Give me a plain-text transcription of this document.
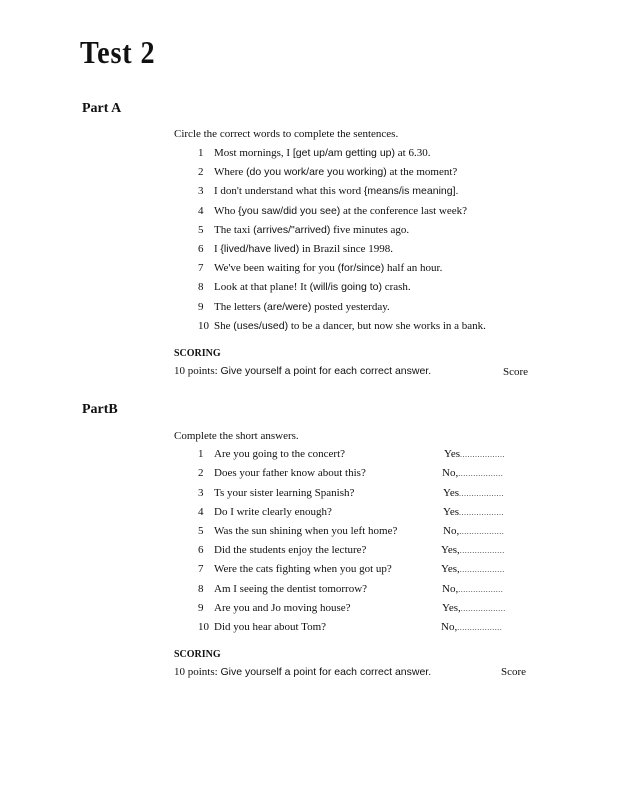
Test 2
Part A
Circle the correct words to complete the sentences.
1 Most mornings, I [get up/am getting up) at 6.30.
2 Where (do you work/are you working) at the moment?
3 I don't understand what this word {means/is meaning].
4 Who {you saw/did you see) at the conference last week?
5 The taxi (arrives/"arrived) five minutes ago.
6 I {lived/have lived) in Brazil since 1998.
7 We've been waiting for you (for/since) half an hour.
8 Look at that plane! It (will/is going to) crash.
9 The letters (are/were) posted yesterday.
10 She (uses/used) to be a dancer, but now she works in a bank.
SCORING
10 points: Give yourself a point for each correct answer.	Score
PartB
Complete the short answers.
1 Are you going to the concert?	Yes..................
2 Does your father know about this?	No,..................
3 Ts your sister learning Spanish?	Yes..................
4 Do I write clearly enough?	Yes..................
5 Was the sun shining when you left home?	No,..................
6 Did the students enjoy the lecture?	Yes,..................
7 Were the cats fighting when you got up?	Yes,..................
8 Am I seeing the dentist tomorrow?	No,..................
9 Are you and Jo moving house?	Yes,..................
10 Did you hear about Tom?	No,..................
SCORING
10 points: Give yourself a point for each correct answer.	Score
